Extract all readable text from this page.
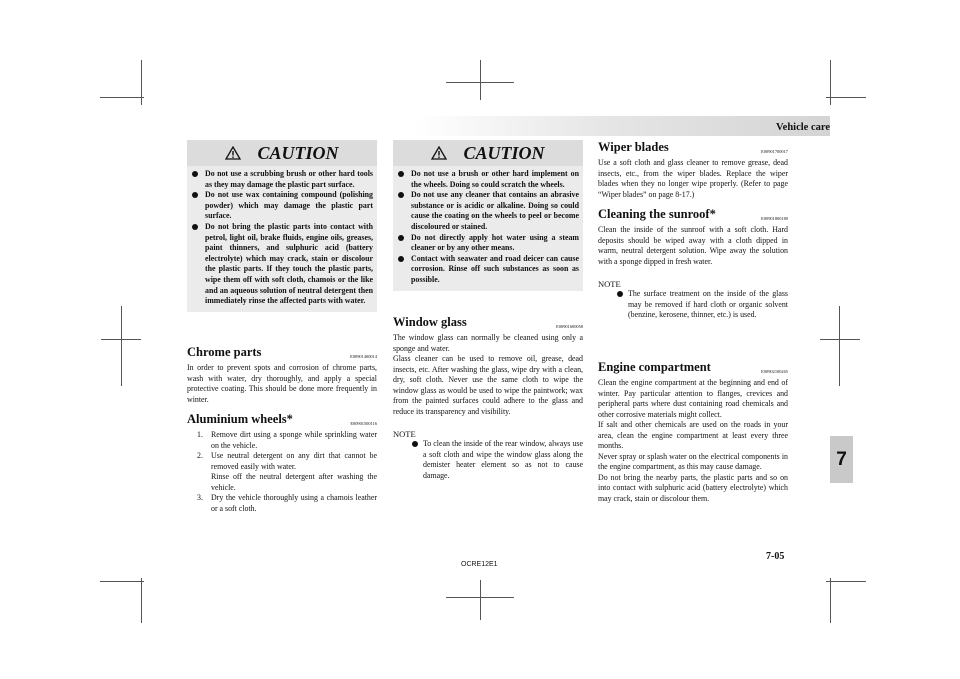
Vehicle care
7
CAUTION
Do not use a scrubbing brush or other hard tools as they may damage the plastic part surface.
Do not use wax containing compound (polishing powder) which may damage the plastic part surface.
Do not bring the plastic parts into contact with petrol, light oil, brake fluids, engine oils, greases, paint thinners, and sulphuric acid (battery electrolyte) which may crack, stain or discolour the plastic parts. If they touch the plastic parts, wipe them off with soft cloth, chamois or the like and an aqueous solution of neutral detergent then immediately rinse the affected parts with water.
Chrome parts	E00901400014

In order to prevent spots and corrosion of chrome parts, wash with water, dry thoroughly, and apply a special protective coating. This should be done more frequently in winter.

Aluminium wheels*	E00901500116
1. Remove dirt using a sponge while sprinkling water on the vehicle.
2. Use neutral detergent on any dirt that cannot be removed easily with water.
Rinse off the neutral detergent after washing the vehicle.
3. Dry the vehicle thoroughly using a chamois leather or a soft cloth.
CAUTION
Do not use a brush or other hard implement on the wheels. Doing so could scratch the wheels.
Do not use any cleaner that contains an abrasive substance or is acidic or alkaline. Doing so could cause the coating on the wheels to peel or become discoloured or stained.
Do not directly apply hot water using a steam cleaner or by any other means.
Contact with seawater and road deicer can cause corrosion. Rinse off such substances as soon as possible.
Window glass	E00901600058

The window glass can normally be cleaned using only a sponge and water.

Glass cleaner can be used to remove oil, grease, dead insects, etc. After washing the glass, wipe dry with a clean, dry, soft cloth. Never use the same cloth to wipe the window glass as would be used to wipe the paintwork; wax from the painted surfaces could adhere to the glass and reduce its transparency and visibility.

NOTE
To clean the inside of the rear window, always use a soft cloth and wipe the window glass along the demister heater element so as not to cause damage.
Wiper blades	E00901700017

Use a soft cloth and glass cleaner to remove grease, dead insects, etc., from the wiper blades. Replace the wiper blades when they no longer wipe properly. (Refer to page “Wiper blades” on page 8-17.)

Cleaning the sunroof*	E00901800180

Clean the inside of the sunroof with a soft cloth. Hard deposits should be wiped away with a cloth dipped in warm, neutral detergent solution. Wipe away the solution with a sponge dipped in fresh water.

NOTE
The surface treatment on the inside of the glass may be removed if hard cloth or organic solvent (benzine, kerosene, thinner, etc.) is used.
Engine compartment	E00902100265

Clean the engine compartment at the beginning and end of winter. Pay particular attention to flanges, crevices and peripheral parts where dust containing road chemicals and other corrosive materials might collect.

If salt and other chemicals are used on the roads in your area, clean the engine compartment at least every three months.

Never spray or splash water on the electrical components in the engine compartment, as this may cause damage.

Do not bring the nearby parts, the plastic parts and so on into contact with sulphuric acid (battery electrolyte) which may crack, stain or discolour them.

OCRE12E1
7-05
